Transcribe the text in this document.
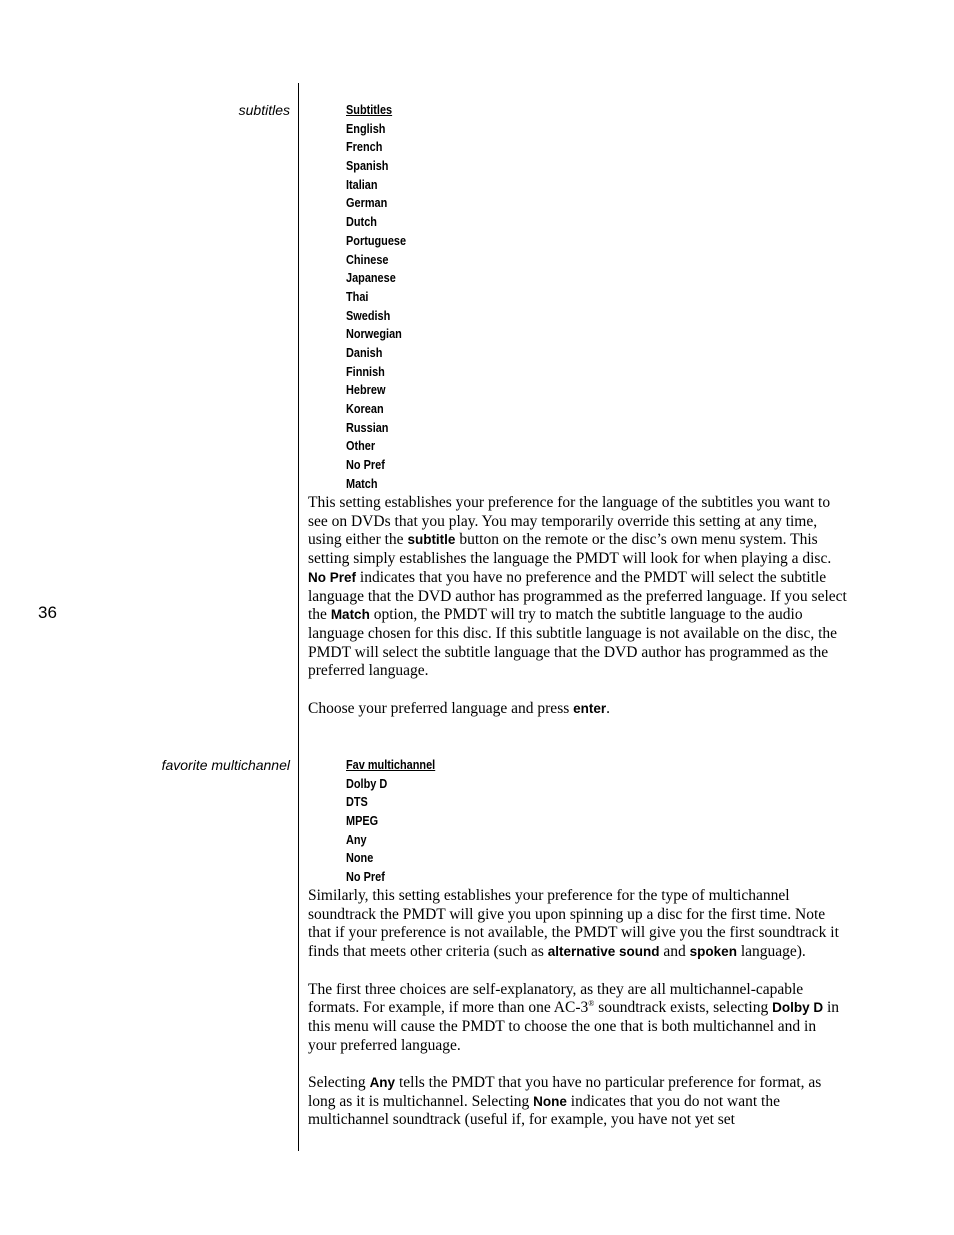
36
subtitles	Subtitles
English
French
Spanish
Italian
German
Dutch
Portuguese
Chinese
Japanese
Thai
Swedish
Norwegian
Danish
Finnish
Hebrew
Korean
Russian
Other
No Pref
Match

This setting establishes your preference for the language of the subtitles you want to see on DVDs that you play. You may temporarily override this setting at any time, using either the subtitle button on the remote or the disc’s own menu system. This setting simply establishes the language the PMDT will look for when playing a disc. No Pref indicates that you have no preference and the PMDT will select the subtitle language that the DVD author has programmed as the preferred language. If you select the Match option, the PMDT will try to match the subtitle language to the audio language chosen for this disc. If this subtitle language is not available on the disc, the PMDT will select the subtitle language that the DVD author has programmed as the preferred language.

Choose your preferred language and press enter.

favorite multichannel	Fav multichannel
Dolby D
DTS
MPEG
Any
None
No Pref

Similarly, this setting establishes your preference for the type of multichannel soundtrack the PMDT will give you upon spinning up a disc for the first time. Note that if your preference is not available, the PMDT will give you the first soundtrack it finds that meets other criteria (such as alternative sound and spoken language).

The first three choices are self-explanatory, as they are all multichannel-capable formats. For example, if more than one AC-3® soundtrack exists, selecting Dolby D in this menu will cause the PMDT to choose the one that is both multichannel and in your preferred language.

Selecting Any tells the PMDT that you have no particular preference for format, as long as it is multichannel. Selecting None indicates that you do not want the multichannel soundtrack (useful if, for example, you have not yet set
